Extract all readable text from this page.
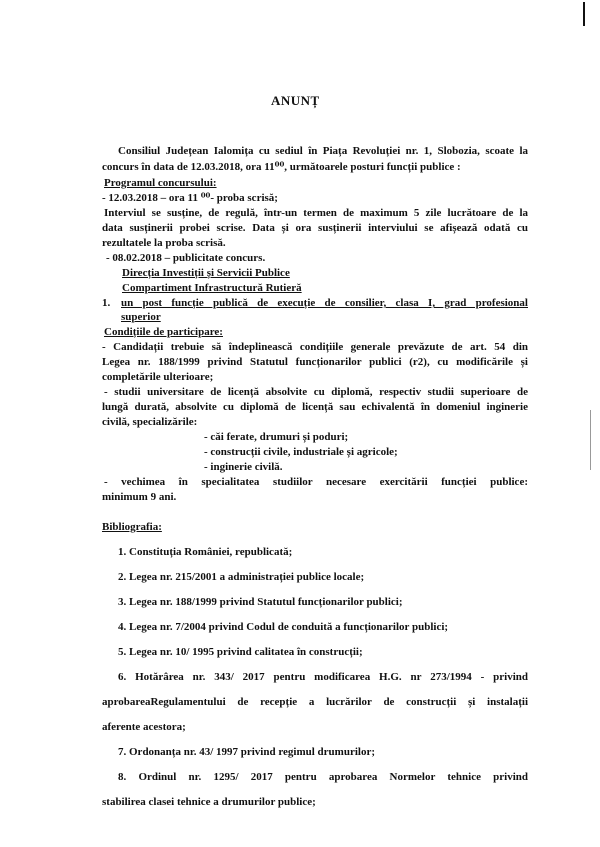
ANUNȚ
Consiliul Județean Ialomița cu sediul în Piața Revoluției nr. 1, Slobozia, scoate la
concurs în data de 12.03.2018, ora 11⁰⁰, următoarele posturi funcții publice :
Programul concursului:
- 12.03.2018 – ora 11 ⁰⁰- proba scrisă;
Interviul se susține, de regulă, într-un termen de maximum 5 zile lucrătoare de la
data susținerii probei scrise. Data și ora susținerii interviului se afișează odată cu
rezultatele la proba scrisă.
- 08.02.2018 – publicitate concurs.
Direcția Investiții și Servicii Publice
Compartiment Infrastructură Rutieră
1. un post funcție publică de execuție de consilier, clasa I, grad profesional
superior
Condițiile de participare:
- Candidații trebuie să îndeplinească condițiile generale prevăzute de art. 54 din
Legea nr. 188/1999 privind Statutul funcționarilor publici (r2), cu modificările și
completările ulterioare;
- studii universitare de licență absolvite cu diplomă, respectiv studii superioare de
lungă durată, absolvite cu diplomă de licență sau echivalentă în domeniul inginerie
civilă, specializările:
- căi ferate, drumuri și poduri;
- construcții civile, industriale și agricole;
- inginerie civilă.
- vechimea în specialitatea studiilor necesare exercitării funcției publice:
minimum 9 ani.
Bibliografia:
1. Constituția României, republicată;
2. Legea nr. 215/2001 a administrației publice locale;
3. Legea nr. 188/1999 privind Statutul funcționarilor publici;
4. Legea nr. 7/2004 privind Codul de conduită a funcționarilor publici;
5. Legea nr. 10/ 1995 privind calitatea în construcții;
6. Hotărârea nr. 343/ 2017 pentru modificarea H.G. nr 273/1994 - privind
aprobareaRegulamentului de recepție a lucrărilor de construcții și instalații
aferente acestora;
7. Ordonanța nr. 43/ 1997 privind regimul drumurilor;
8. Ordinul nr. 1295/ 2017 pentru aprobarea Normelor tehnice privind
stabilirea clasei tehnice a drumurilor publice;
